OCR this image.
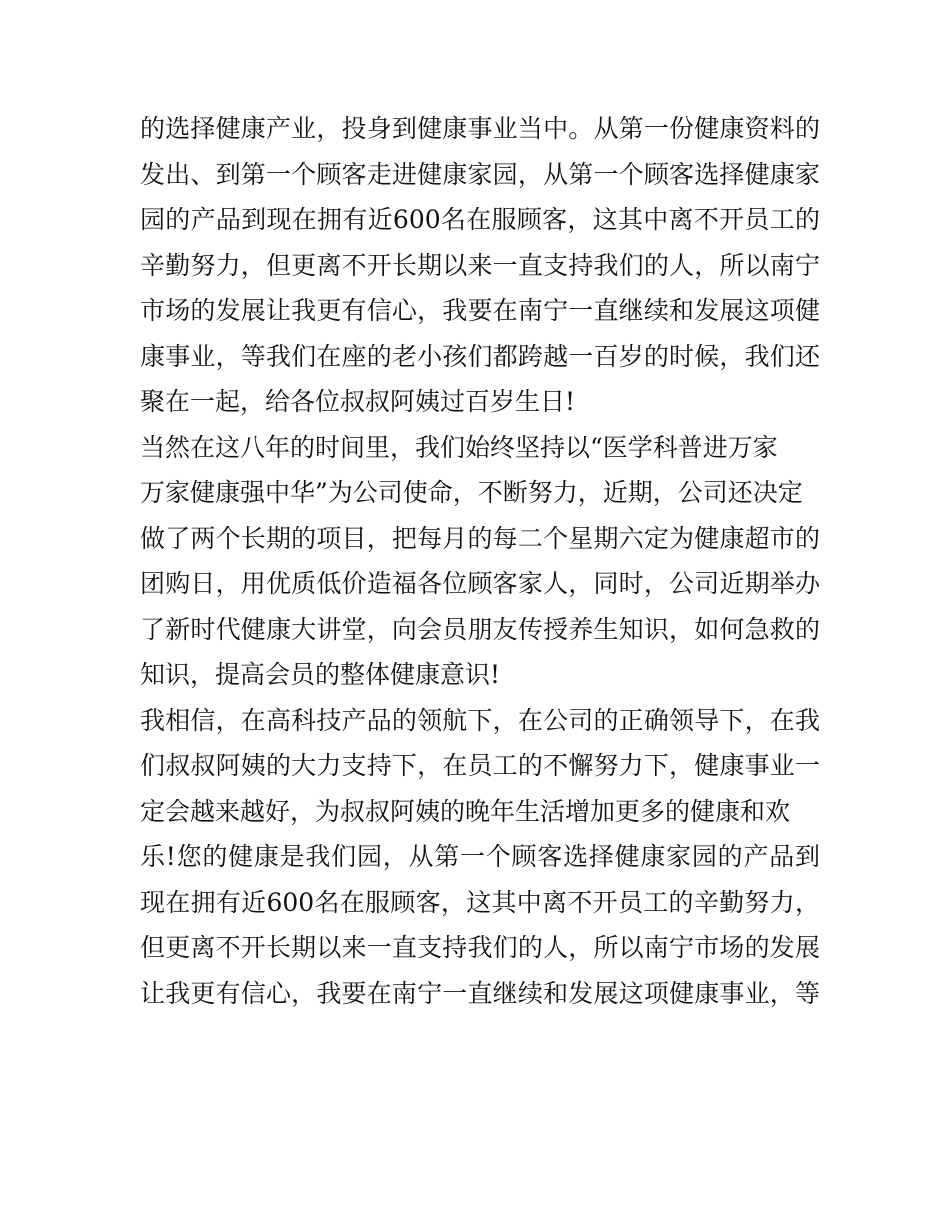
的选择健康产业，投身到健康事业当中。从第一份健康资料的
发出、到第一个顾客走进健康家园，从第一个顾客选择健康家
园的产品到现在拥有近600名在服顾客，这其中离不开员工的
辛勤努力，但更离不开长期以来一直支持我们的人，所以南宁
市场的发展让我更有信心，我要在南宁一直继续和发展这项健
康事业，等我们在座的老小孩们都跨越一百岁的时候，我们还
聚在一起，给各位叔叔阿姨过百岁生日!
当然在这八年的时间里，我们始终坚持以“医学科普进万家
万家健康强中华”为公司使命，不断努力，近期，公司还决定
做了两个长期的项目，把每月的每二个星期六定为健康超市的
团购日，用优质低价造福各位顾客家人，同时，公司近期举办
了新时代健康大讲堂，向会员朋友传授养生知识，如何急救的
知识，提高会员的整体健康意识!
我相信，在高科技产品的领航下，在公司的正确领导下，在我
们叔叔阿姨的大力支持下，在员工的不懈努力下，健康事业一
定会越来越好，为叔叔阿姨的晚年生活增加更多的健康和欢
乐!您的健康是我们园，从第一个顾客选择健康家园的产品到
现在拥有近600名在服顾客，这其中离不开员工的辛勤努力，
但更离不开长期以来一直支持我们的人，所以南宁市场的发展
让我更有信心，我要在南宁一直继续和发展这项健康事业，等
